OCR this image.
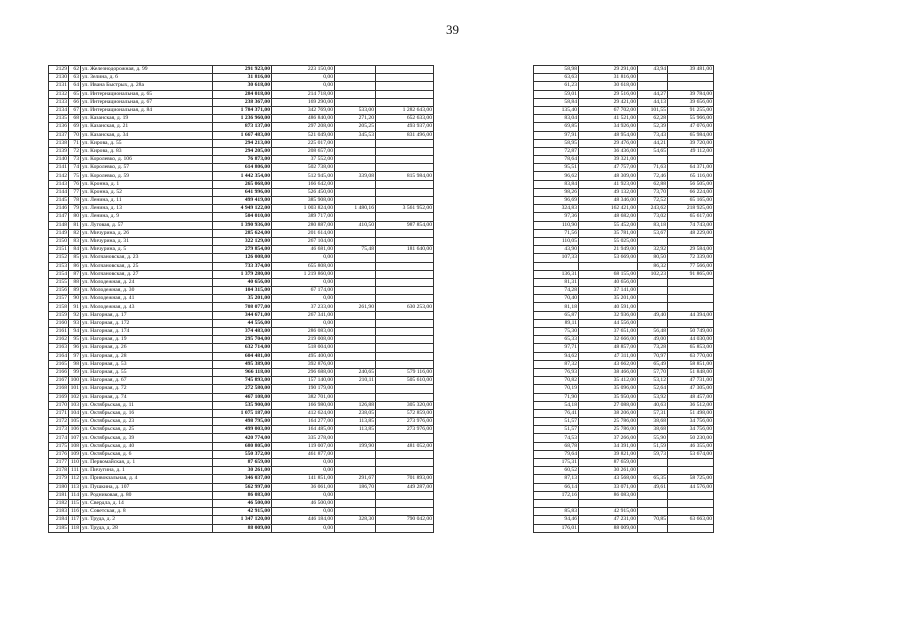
39
2129	62	ул. Железнодорожная, д. 99	291 923,00	223 150,00				58,98	29 291,00	43,94	39 481,00
2130	63	ул. Зелина, д. 6	31 816,00	0,00				63,63	31 816,00		
2131	64	ул. Ивана Быстрых, д. 28а	30 618,00	0,00				61,23	30 618,00		
2132	65	ул. Интернациональная, д. 65	284 018,00	214 718,00				59,01	29 516,00	44,27	39 784,00
2133	66	ул. Интернациональная, д. 67	238 367,00	169 290,00				58,84	29 421,00	44,13	39 656,00
2134	67	ул. Интернациональная, д. 84	1 784 371,00	342 769,00	533,00	1 282 643,00		135,40	67 702,00	101,55	91 255,00
2135	68	ул. Казанская, д. 19	1 236 960,00	486 840,00	271,20	652 633,00		83,04	41 521,00	62,28	55 966,00
2136	69	ул. Казанская, д. 21	873 137,00	297 208,00	205,25	493 937,00		69,85	34 926,00	52,39	47 076,00
2137	70	ул. Казанская, д. 34	1 667 483,00	521 049,00	345,53	831 496,00		97,91	48 954,00	73,43	65 984,00
2138	71	ул. Кирова, д. 55	294 213,00	225 017,00				58,95	29 476,00	44,21	39 720,00
2139	72	ул. Кирова, д. 83	294 205,00	208 657,00				72,87	36 436,00	54,65	49 112,00
2140	73	ул. Королевко, д. 106	76 873,00	37 552,00				78,64	39 321,00		
2141	74	ул. Королевко, д. 57	614 806,00	502 738,00				95,51	47 757,00	71,63	64 371,00
2142	75	ул. Королевко, д. 59	1 442 354,00	512 945,00	339,08	815 984,00		96,62	48 309,00	72,46	65 116,00
2143	76	ул. Кронна, д. 1	265 068,00	166 642,00				83,84	41 923,00	62,88	56 505,00
2144	77	ул. Кронна, д. 52	641 996,00	526 450,00				98,26	49 132,00	73,70	66 224,00
2145	78	ул. Ленина, д. 11	499 419,00	385 908,00				96,69	48 346,00	72,52	65 165,00
2146	79	ул. Ленина, д. 13	4 949 122,00	1 003 824,00	1 480,16	3 561 952,00		324,83	162 421,00	243,62	218 925,00
2147	80	ул. Ленина, д. 9	504 010,00	389 717,00				97,36	48 682,00	73,02	65 617,00
2148	81	ул. Луговая, д. 57	1 390 936,00	280 887,00	410,50	987 854,00		110,90	55 452,00	83,18	74 743,00
2149	82	ул. Мичурина, д. 26	285 624,00	201 614,00				71,56	35 781,00	53,67	48 229,00
2150	83	ул. Мичурина, д. 31	322 129,00	267 104,00				110,05	55 025,00		
2151	84	ул. Мичурина, д. 5	279 854,00	46 681,00	75,48	181 640,00		43,90	21 949,00	32,92	29 584,00
2152	85	ул. Молчановская, д. 23	126 008,00	0,00				107,33	53 669,00	80,50	72 339,00
2153	86	ул. Молчановская, д. 25	733 374,00	655 808,00						86,32	77 566,00
2154	87	ул. Молчановская, д. 27	1 379 280,00	1 219 860,00				136,31	68 155,00	102,23	91 865,00
2155	88	ул. Молодежная, д. 24	40 656,00	0,00				81,31	40 656,00		
2156	89	ул. Молодежная, д. 30	104 315,00	67 174,00				74,28	37 141,00		
2157	90	ул. Молодежная, д. 41	35 201,00	0,00				70,40	35 201,00		
2158	91	ул. Молодежная, д. 43	708 077,00	37 233,00	261,90	630 253,00		81,18	40 591,00		
2159	92	ул. Нагорная, д. 17	344 671,00	267 341,00				65,87	32 936,00	49,40	44 394,00
2160	93	ул. Нагорная, д. 172	44 556,00	0,00				89,11	44 556,00		
2161	94	ул. Нагорная, д. 174	374 483,00	286 083,00				75,30	37 651,00	56,48	50 749,00
2162	95	ул. Нагорная, д. 19	295 704,00	219 008,00				65,33	32 666,00	49,00	44 030,00
2163	96	ул. Нагорная, д. 26	632 714,00	518 004,00				97,71	48 857,00	73,28	65 853,00
2164	97	ул. Нагорная, д. 28	604 481,00	495 400,00				94,62	47 311,00	70,97	63 770,00
2165	98	ул. Нагорная, д. 53	495 389,00	392 876,00				87,32	43 662,00	65,49	58 851,00
2166	99	ул. Нагорная, д. 55	966 118,00	296 688,00	240,65	579 116,00		76,93	38 466,00	57,70	51 848,00
2167	100	ул. Нагорная, д. 67	745 893,00	157 140,00	210,11	505 610,00		70,82	35 412,00	53,12	47 731,00
2168	101	ул. Нагорная, д. 72	272 580,00	190 179,00				70,19	35 096,00	52,64	47 305,00
2169	102	ул. Нагорная, д. 74	467 108,00	382 701,00				71,90	35 950,00	53,92	48 457,00
2170	103	ул. Октябрьская, д. 11	535 900,00	166 980,00	126,88	305 320,00		54,18	27 088,00	40,63	36 512,00
2171	104	ул. Октябрьская, д. 16	1 075 187,00	412 624,00	238,05	572 859,00		76,41	38 206,00	57,31	51 498,00
2172	105	ул. Октябрьская, д. 23	498 795,00	164 277,00	113,85	273 976,00		51,57	25 786,00	38,68	34 756,00
2173	106	ул. Октябрьская, д. 25	499 003,00	164 485,00	113,85	273 976,00		51,57	25 786,00	38,68	34 756,00
2174	107	ул. Октябрьская, д. 39	420 774,00	335 278,00				74,53	37 266,00	55,90	50 230,00
2175	108	ул. Октябрьская, д. 40	680 805,00	119 007,00	199,90	481 052,00		68,78	34 391,00	51,59	46 355,00
2176	109	ул. Октябрьская, д. 6	550 372,00	461 877,00				79,64	39 821,00	59,73	53 674,00
2177	110	ул. Первомайская, д. 1	87 659,00	0,00				175,31	87 659,00		
2178	111	ул. Пичугина, д. 1	30 261,00	0,00				60,52	30 261,00		
2179	112	ул. Привокзальная, д. 4	346 037,00	141 851,00	291,67	701 893,00		87,13	43 568,00	65,35	58 725,00
2180	113	ул. Пушкина, д. 107	562 997,00	36 061,00	186,70	449 287,00		66,14	33 071,00	49,61	44 576,00
2181	114	ул. Родниковая, д. 80	86 083,00	0,00				172,16	86 083,00		
2182	115	ул. Свердла, д. 14	46 500,00	46 500,00							
2183	116	ул. Советская, д. 8	42 915,00	0,00				85,83	42 915,00		
2184	117	ул. Труда, д. 2	1 347 120,00	446 184,00	328,30	790 042,00		94,46	47 231,00	70,85	63 663,00
2185	118	ул. Труда, д. 28	88 009,00	0,00				176,01	88 009,00		
